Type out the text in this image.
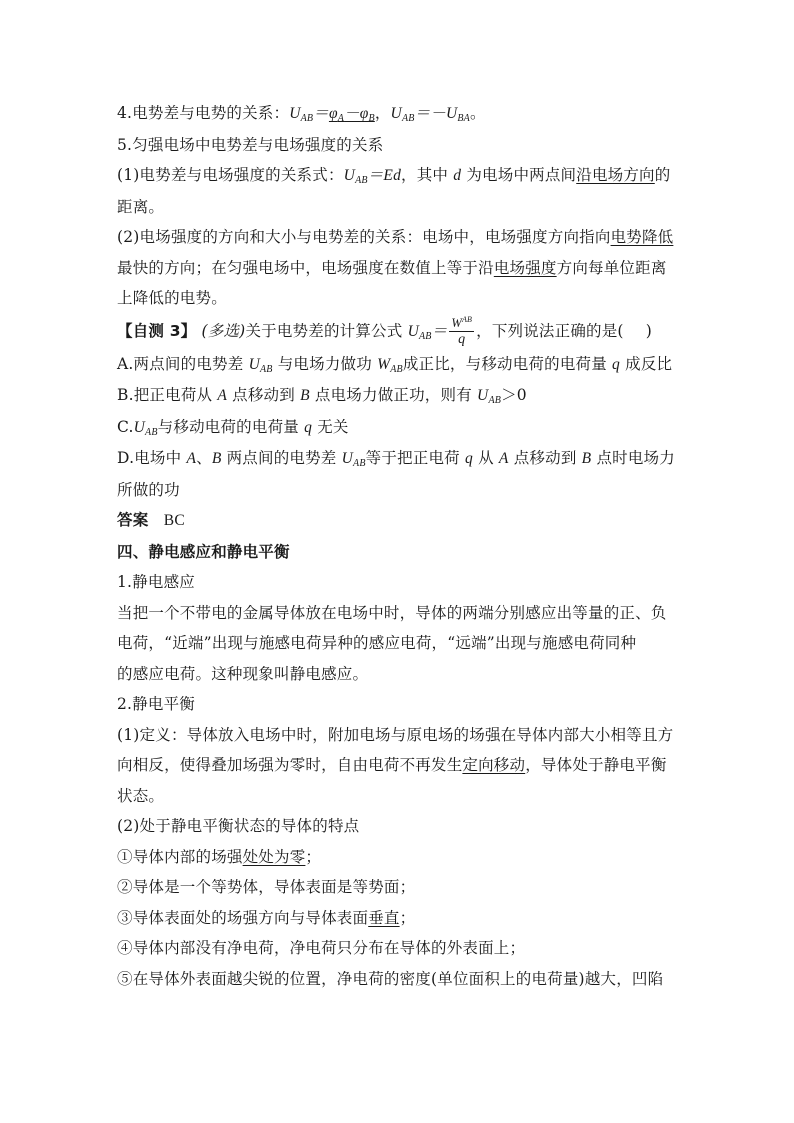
4.电势差与电势的关系：$U_{AB}=\varphi_A-\varphi_B$，$U_{AB}=-U_{BA}$。
5.匀强电场中电势差与电场强度的关系
(1)电势差与电场强度的关系式：$U_{AB}=Ed$，其中 d 为电场中两点间沿电场方向的
距离。
(2)电场强度的方向和大小与电势差的关系：电场中，电场强度方向指向电势降低
最快的方向；在匀强电场中，电场强度在数值上等于沿电场强度方向每单位距离
上降低的电势。
【自测 3】 (多选)关于电势差的计算公式 $U_{AB}= \frac{W^{AB}}{q}$ ，下列说法正确的是( )
A.两点间的电势差 $U_{AB}$ 与电场力做功 $W_{AB}$成正比，与移动电荷的电荷量 q 成反比
B.把正电荷从 A 点移动到 B 点电场力做正功，则有 $U_{AB}>0$
$C.U_{AB}$与移动电荷的电荷量 q 无关
D.电场中 A、B 两点间的电势差 $U_{AB}$等于把正电荷 q 从 A 点移动到 B 点时电场力
所做的功
答案 BC
四、静电感应和静电平衡
1.静电感应
当把一个不带电的金属导体放在电场中时，导体的两端分别感应出等量的正、负
电荷，“近端”出现与施感电荷异种的感应电荷，“远端”出现与施感电荷同种
的感应电荷。这种现象叫静电感应。
2.静电平衡
(1)定义：导体放入电场中时，附加电场与原电场的场强在导体内部大小相等且方
向相反，使得叠加场强为零时，自由电荷不再发生定向移动，导体处于静电平衡
状态。
(2)处于静电平衡状态的导体的特点
①导体内部的场强处处为零；
②导体是一个等势体，导体表面是等势面；
③导体表面处的场强方向与导体表面垂直；
④导体内部没有净电荷，净电荷只分布在导体的外表面上；
⑤在导体外表面越尖锐的位置，净电荷的密度(单位面积上的电荷量)越大，凹陷
